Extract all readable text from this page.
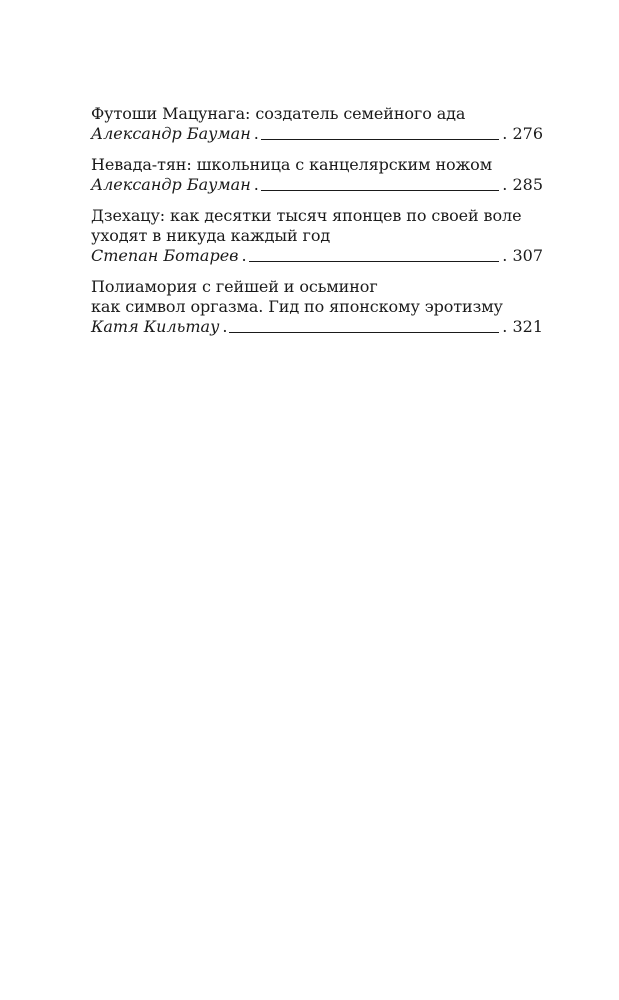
Футоши Мацунага: создатель семейного ада
Александр Бауман .	. 276
Невада-тян: школьница с канцелярским ножом
Александр Бауман .	. 285
Дзехацу: как десятки тысяч японцев по своей воле
уходят в никуда каждый год
Степан Ботарев .	. 307
Полиамория с гейшей и осьминог
как символ оргазма. Гид по японскому эротизму
Катя Кильтау .	. 321
